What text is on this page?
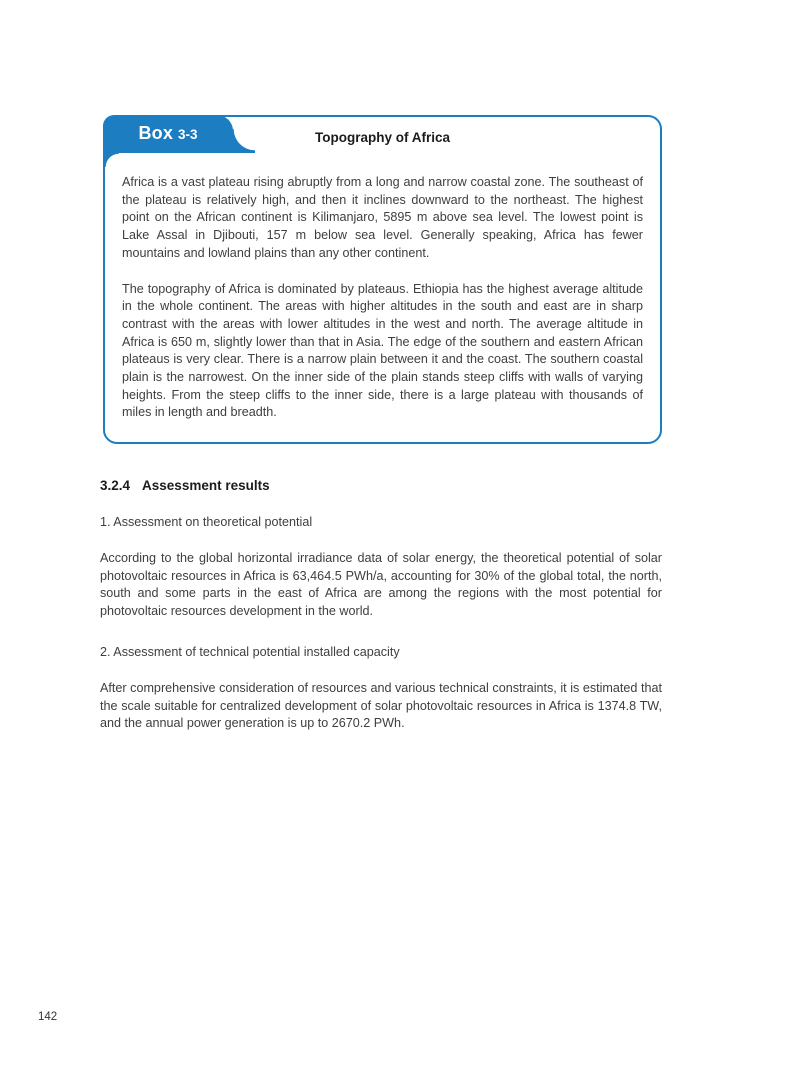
Box 3-3	Topography of Africa

Africa is a vast plateau rising abruptly from a long and narrow coastal zone. The southeast of the plateau is relatively high, and then it inclines downward to the northeast. The highest point on the African continent is Kilimanjaro, 5895 m above sea level. The lowest point is Lake Assal in Djibouti, 157 m below sea level. Generally speaking, Africa has fewer mountains and lowland plains than any other continent.

The topography of Africa is dominated by plateaus. Ethiopia has the highest average altitude in the whole continent. The areas with higher altitudes in the south and east are in sharp contrast with the areas with lower altitudes in the west and north. The average altitude in Africa is 650 m, slightly lower than that in Asia. The edge of the southern and eastern African plateaus is very clear. There is a narrow plain between it and the coast. The southern coastal plain is the narrowest. On the inner side of the plain stands steep cliffs with walls of varying heights. From the steep cliffs to the inner side, there is a large plateau with thousands of miles in length and breadth.

3.2.4 Assessment results
1. Assessment on theoretical potential

According to the global horizontal irradiance data of solar energy, the theoretical potential of solar photovoltaic resources in Africa is 63,464.5 PWh/a, accounting for 30% of the global total, the north, south and some parts in the east of Africa are among the regions with the most potential for photovoltaic resources development in the world.

2. Assessment of technical potential installed capacity

After comprehensive consideration of resources and various technical constraints, it is estimated that the scale suitable for centralized development of solar photovoltaic resources in Africa is 1374.8 TW, and the annual power generation is up to 2670.2 PWh.

142
